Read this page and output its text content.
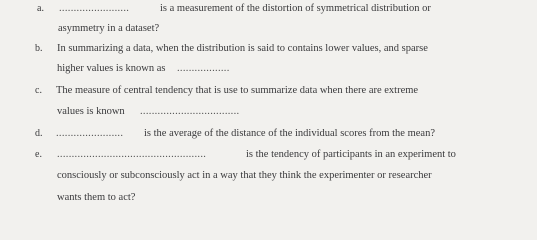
a. ........................	is a measurement of the distortion of symmetrical distribution or
asymmetry in a dataset?
b. In summarizing a data, when the distribution is said to contains lower values, and sparse
higher values is known as ..................
c. The measure of central tendency that is use to summarize data when there are extreme
values is known ..................................
d. ....................... is the average of the distance of the individual scores from the mean?
e. ...................................................	is the tendency of participants in an experiment to
consciously or subconsciously act in a way that they think the experimenter or researcher
wants them to act?
